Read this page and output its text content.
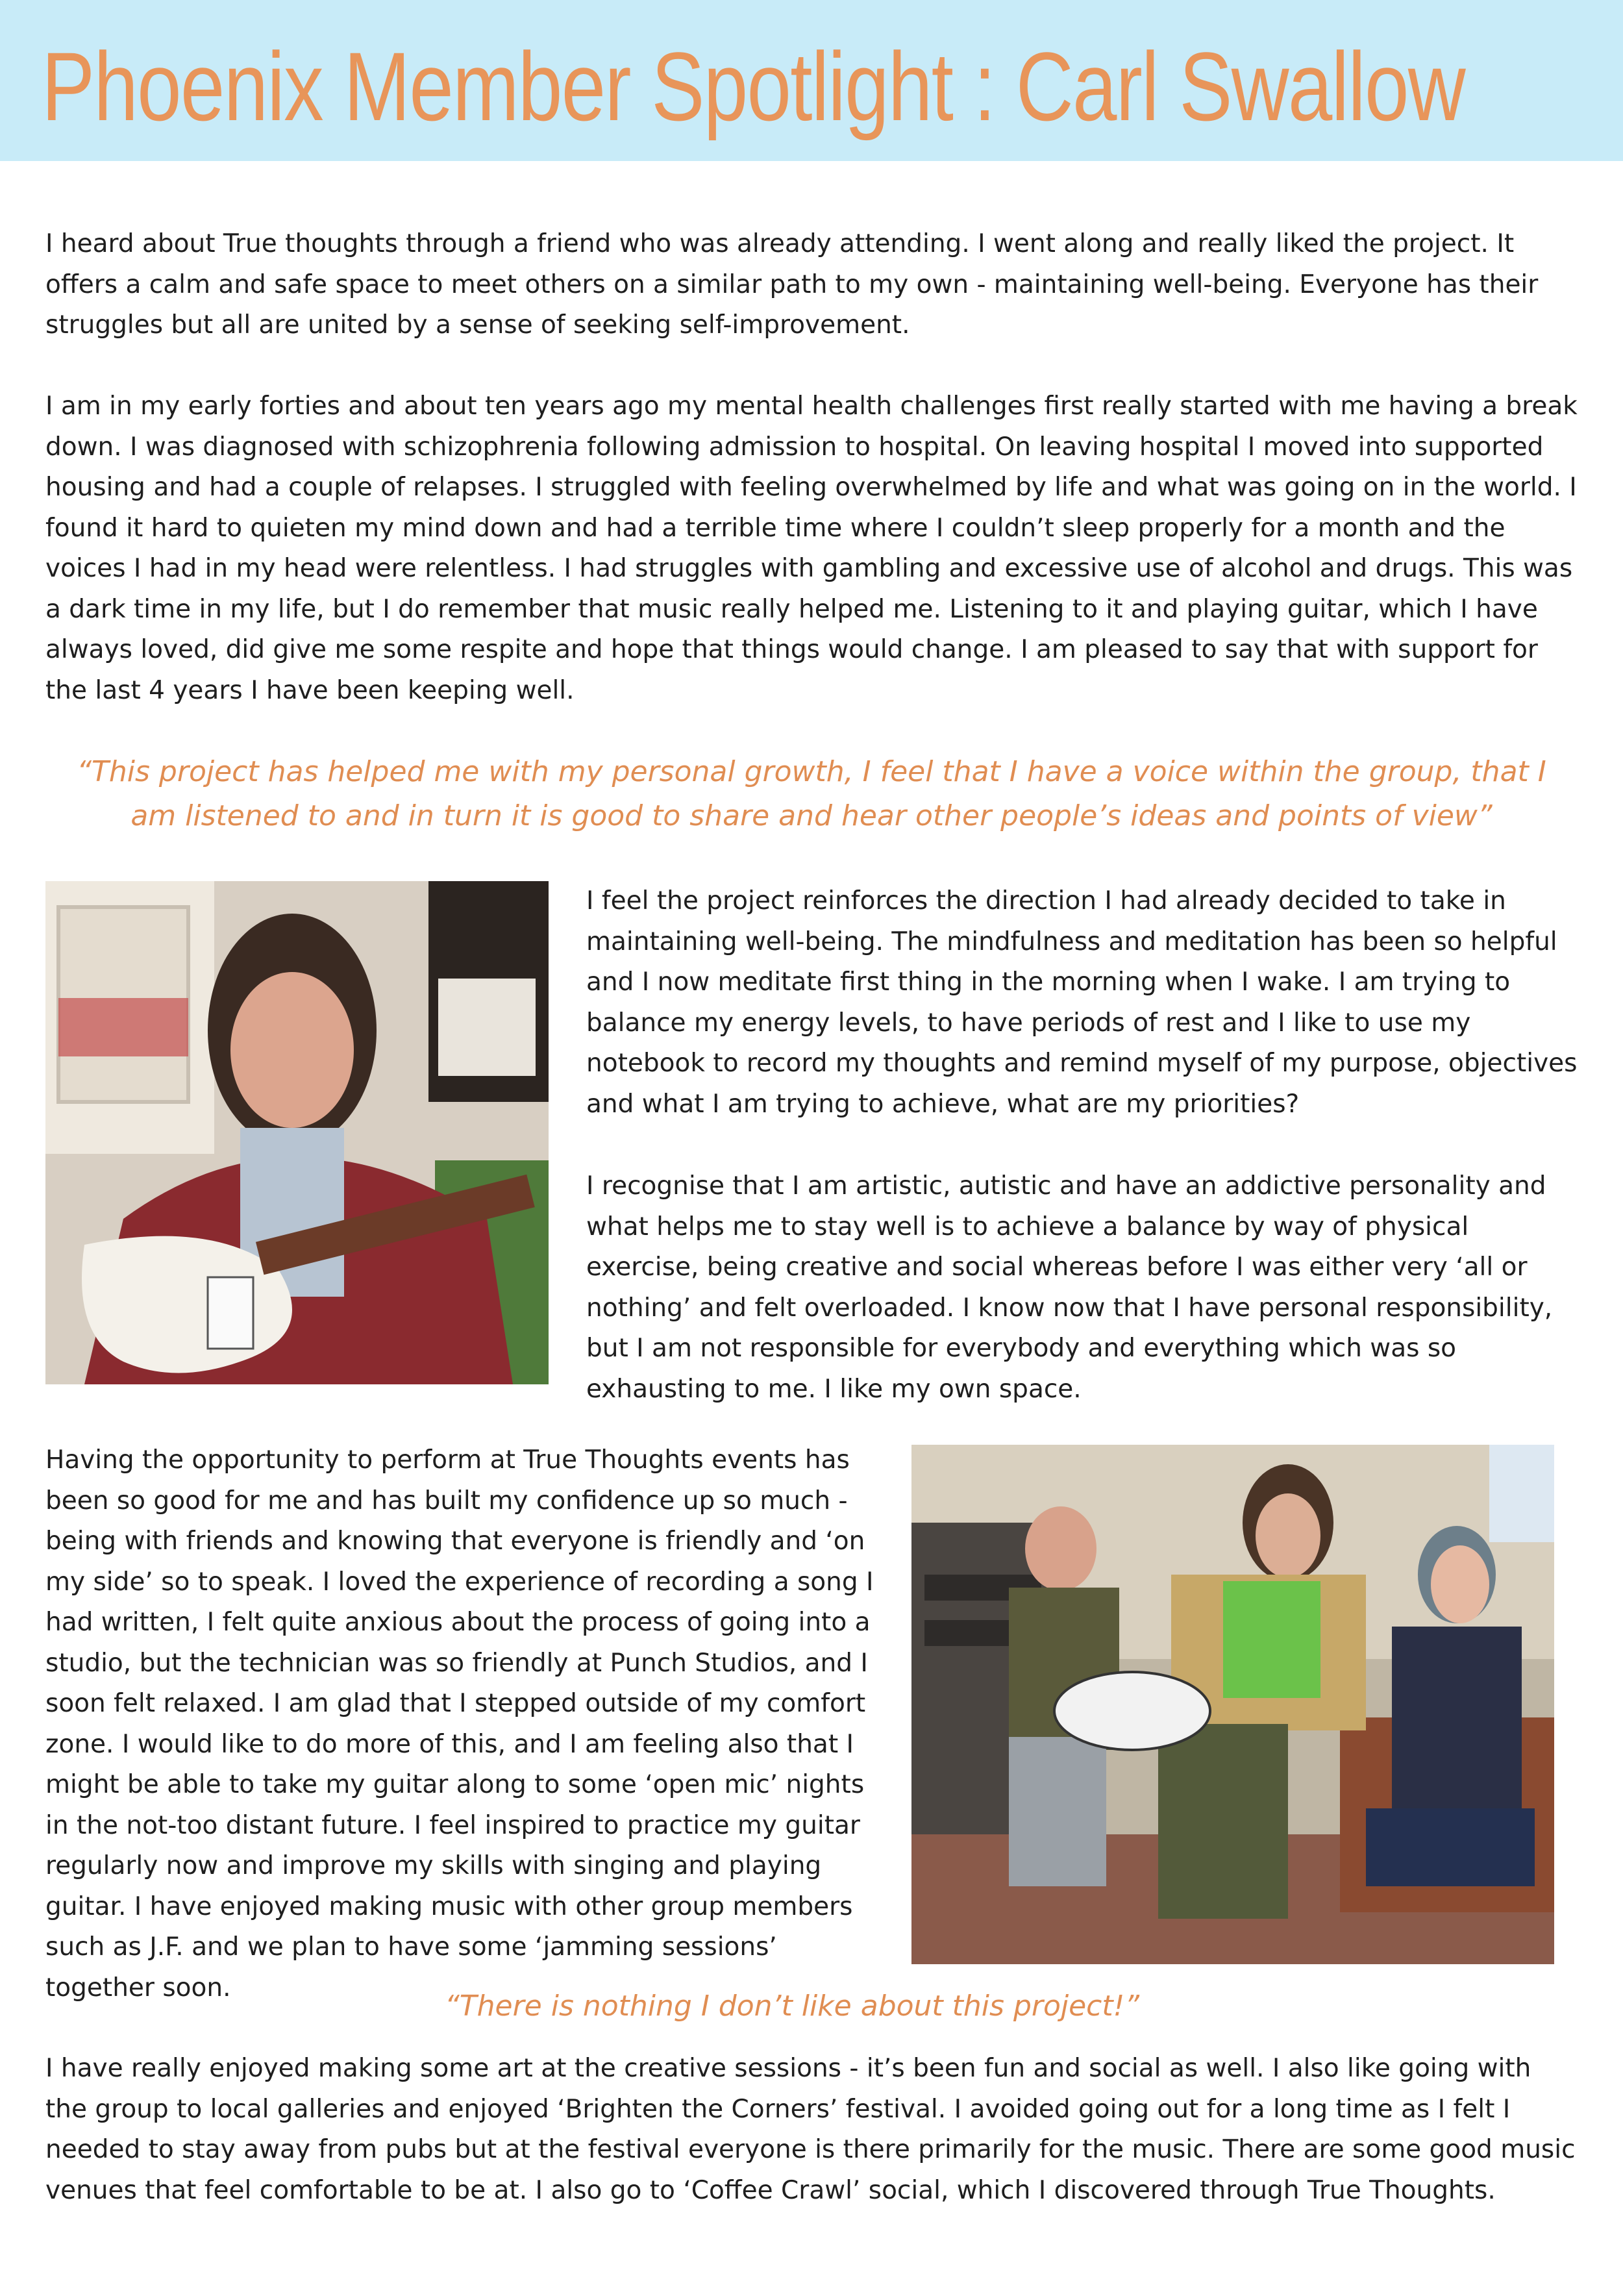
Phoenix Member Spotlight : Carl Swallow

I heard about True thoughts through a friend who was already attending. I went along and really liked the project. It offers a calm and safe space to meet others on a similar path to my own - maintaining well-being. Everyone has their struggles but all are united by a sense of seeking self-improvement.

I am in my early forties and about ten years ago my mental health challenges first really started with me having a break down. I was diagnosed with schizophrenia following admission to hospital. On leaving hospital I moved into supported housing and had a couple of relapses. I struggled with feeling overwhelmed by life and what was going on in the world. I found it hard to quieten my mind down and had a terrible time where I couldn’t sleep properly for a month and the voices I had in my head were relentless. I had struggles with gambling and excessive use of alcohol and drugs. This was a dark time in my life, but I do remember that music really helped me. Listening to it and playing guitar, which I have always loved, did give me some respite and hope that things would change. I am pleased to say that with support for the last 4 years I have been keeping well.

“This project has helped me with my personal growth, I feel that I have a voice within the group, that I am listened to and in turn it is good to share and hear other people’s ideas and points of view”

I feel the project reinforces the direction I had already decided to take in maintaining well-being. The mindfulness and meditation has been so helpful and I now meditate first thing in the morning when I wake. I am trying to balance my energy levels, to have periods of rest and I like to use my notebook to record my thoughts and remind myself of my purpose, objectives and what I am trying to achieve, what are my priorities?

I recognise that I am artistic, autistic and have an addictive personality and what helps me to stay well is to achieve a balance by way of physical exercise, being creative and social whereas before I was either very ‘all or nothing’ and felt overloaded. I know now that I have personal responsibility, but I am not responsible for everybody and everything which was so exhausting to me. I like my own space.

Having the opportunity to perform at True Thoughts events has been so good for me and has built my confidence up so much - being with friends and knowing that everyone is friendly and ‘on my side’ so to speak. I loved the experience of recording a song I had written, I felt quite anxious about the process of going into a studio, but the technician was so friendly at Punch Studios, and I soon felt relaxed. I am glad that I stepped outside of my comfort zone. I would like to do more of this, and I am feeling also that I might be able to take my guitar along to some ‘open mic’ nights in the not-too distant future. I feel inspired to practice my guitar regularly now and improve my skills with singing and playing guitar. I have enjoyed making music with other group members such as J.F. and we plan to have some ‘jamming sessions’ together soon.

“There is nothing I don’t like about this project!”

I have really enjoyed making some art at the creative sessions - it’s been fun and social as well. I also like going with the group to local galleries and enjoyed ‘Brighten the Corners’ festival. I avoided going out for a long time as I felt I needed to stay away from pubs but at the festival everyone is there primarily for the music. There are some good music venues that feel comfortable to be at. I also go to ‘Coffee Crawl’ social, which I discovered through True Thoughts.
